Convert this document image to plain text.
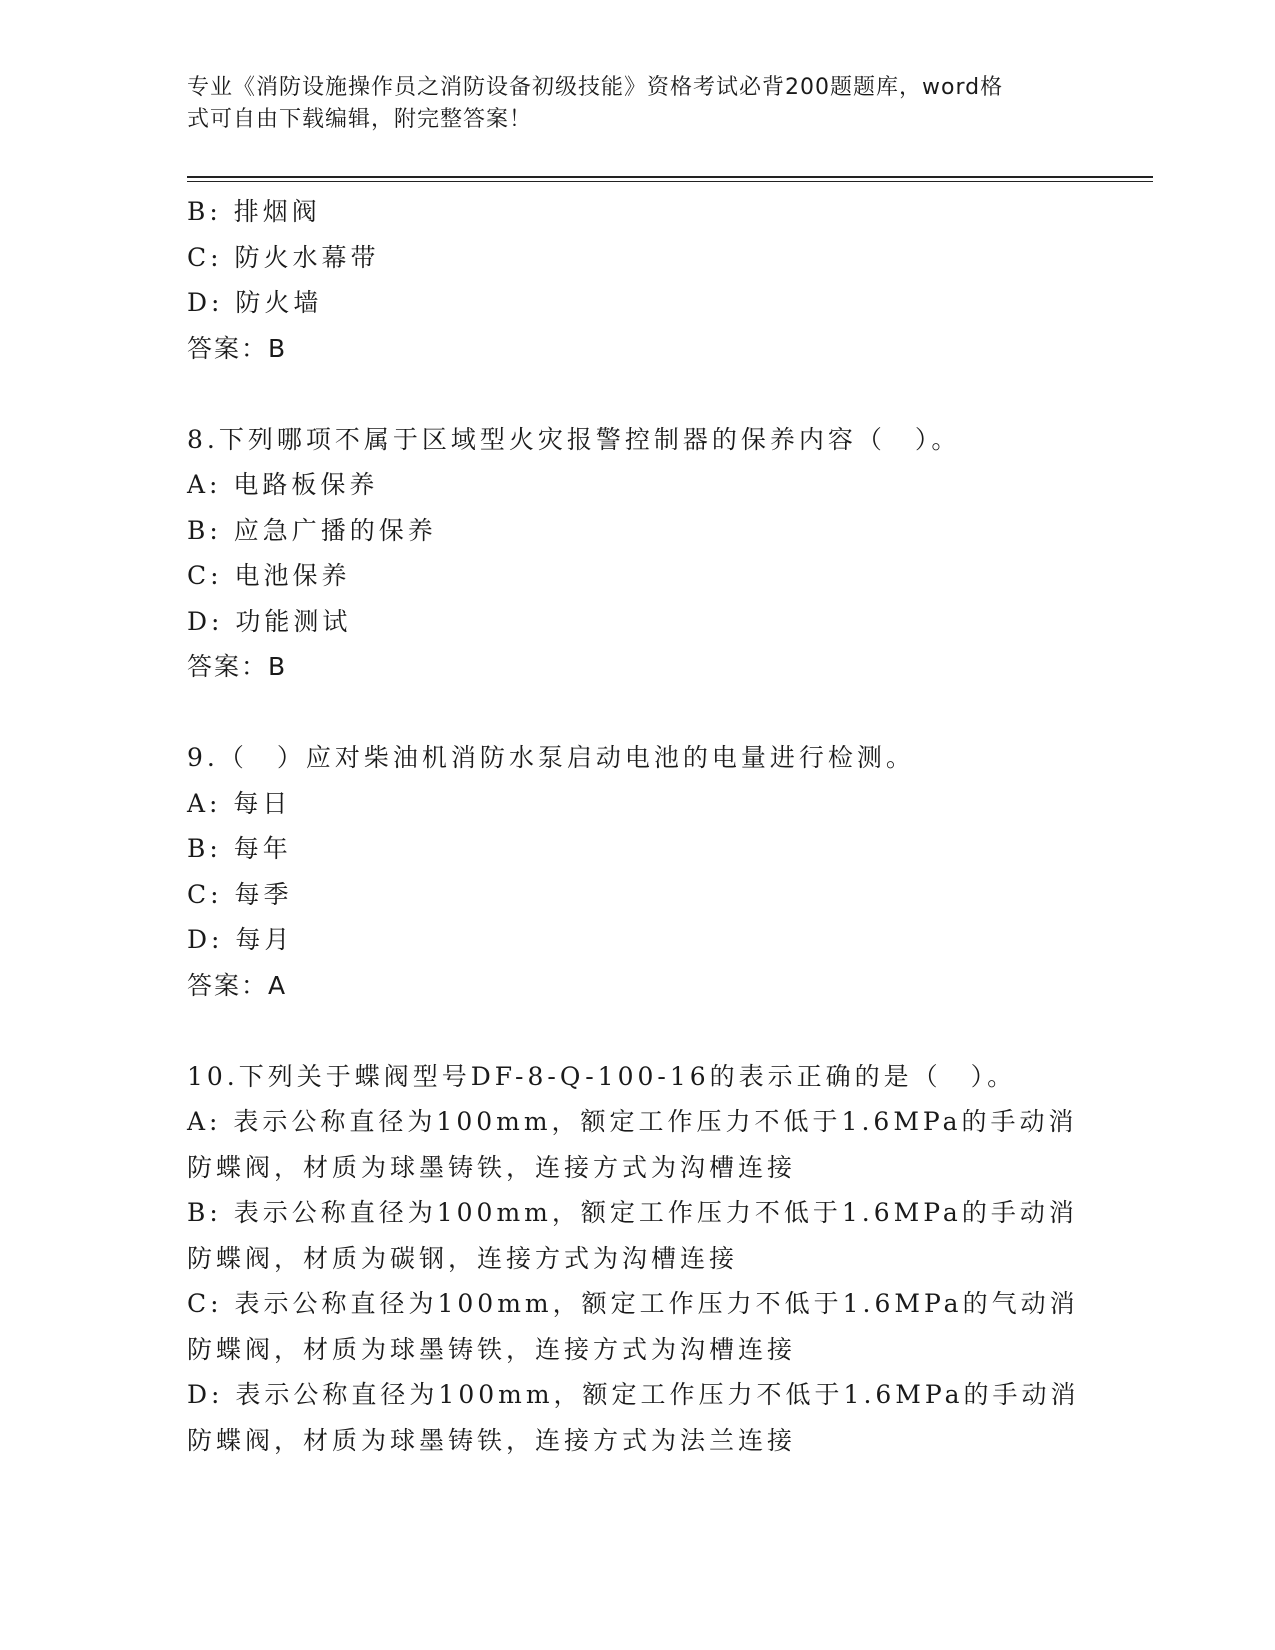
专业《消防设施操作员之消防设备初级技能》资格考试必背200题题库，word格
式可自由下载编辑，附完整答案！
B: 排烟阀
C: 防火水幕带
D: 防火墙
答案：B
8.下列哪项不属于区域型火灾报警控制器的保养内容（　）。
A: 电路板保养
B: 应急广播的保养
C: 电池保养
D: 功能测试
答案：B
9.（　）应对柴油机消防水泵启动电池的电量进行检测。
A: 每日
B: 每年
C: 每季
D: 每月
答案：A
10.下列关于蝶阀型号DF-8-Q-100-16的表示正确的是（　）。
A: 表示公称直径为100mm，额定工作压力不低于1.6MPa的手动消防蝶阀，材质为球墨铸铁，连接方式为沟槽连接
B: 表示公称直径为100mm，额定工作压力不低于1.6MPa的手动消防蝶阀，材质为碳钢，连接方式为沟槽连接
C: 表示公称直径为100mm，额定工作压力不低于1.6MPa的气动消防蝶阀，材质为球墨铸铁，连接方式为沟槽连接
D: 表示公称直径为100mm，额定工作压力不低于1.6MPa的手动消防蝶阀，材质为球墨铸铁，连接方式为法兰连接
